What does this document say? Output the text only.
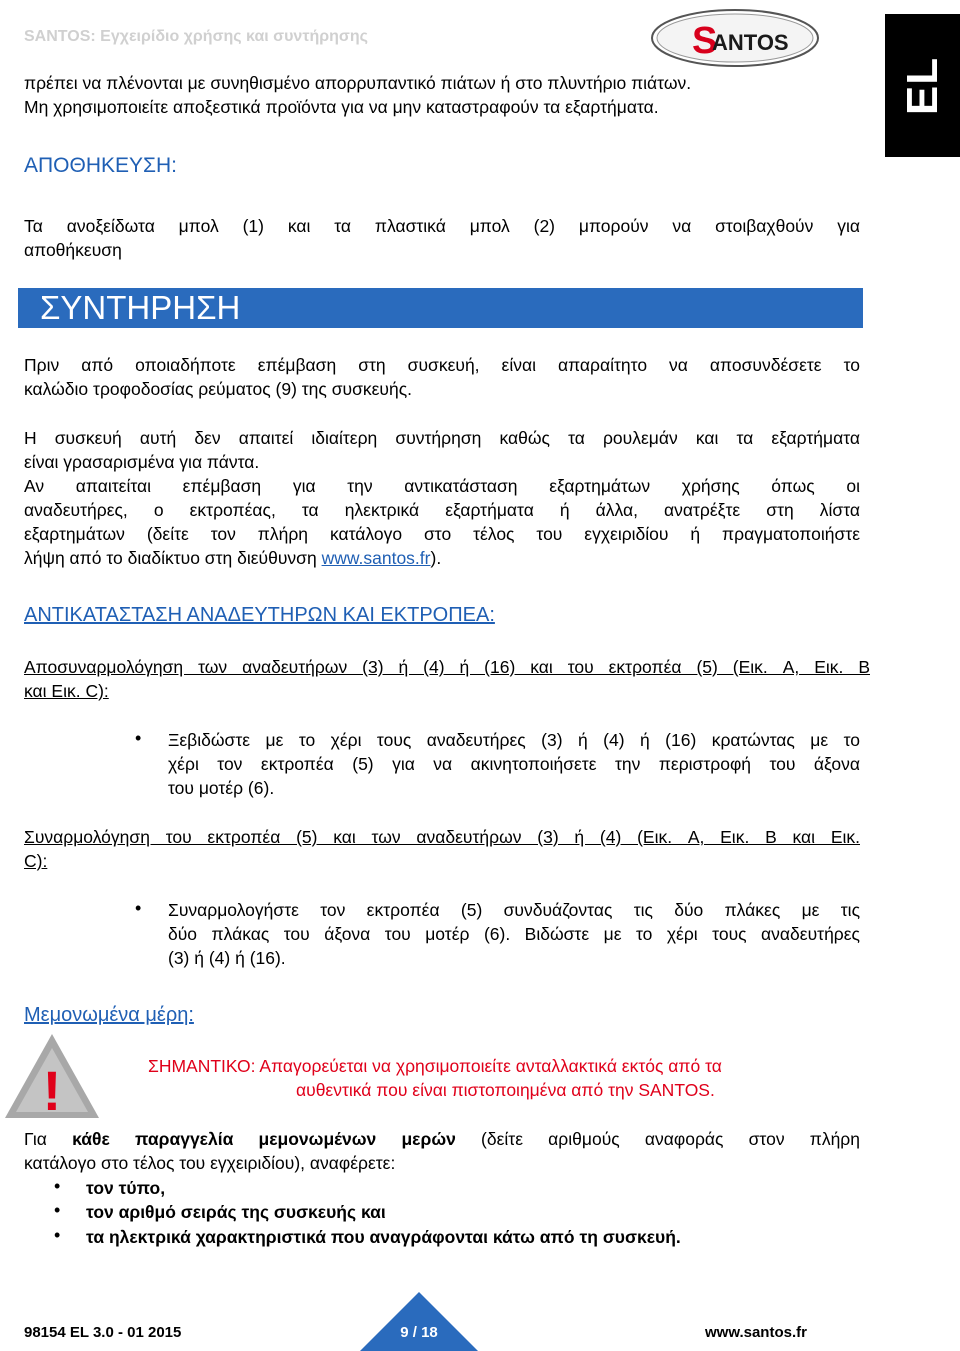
SANTOS: Εγχειρίδιο χρήσης και συντήρησης	S
ANTOS
EL
πρέπει να πλένονται με συνηθισμένο απορρυπαντικό πιάτων ή στο πλυντήριο πιάτων.
Μη χρησιμοποιείτε αποξεστικά προϊόντα για να μην καταστραφούν τα εξαρτήματα.
ΑΠΟΘΗΚΕΥΣΗ:
Τα ανοξείδωτα μπολ (1) και τα πλαστικά μπολ (2) μπορούν να στοιβαχθούν για
αποθήκευση
ΣΥΝΤΗΡΗΣΗ
Πριν από οποιαδήποτε επέμβαση στη συσκευή, είναι απαραίτητο να αποσυνδέσετε το
καλώδιο τροφοδοσίας ρεύματος (9) της συσκευής.
Η συσκευή αυτή δεν απαιτεί ιδιαίτερη συντήρηση καθώς τα ρουλεμάν και τα εξαρτήματα
είναι γρασαρισμένα για πάντα.
Αν απαιτείται επέμβαση για την αντικατάσταση εξαρτημάτων χρήσης όπως οι
αναδευτήρες, ο εκτροπέας, τα ηλεκτρικά εξαρτήματα ή άλλα, ανατρέξτε στη λίστα
εξαρτημάτων (δείτε τον πλήρη κατάλογο στο τέλος του εγχειριδίου ή πραγματοποιήστε
λήψη από το διαδίκτυο στη διεύθυνση www.santos.fr).
ΑΝΤΙΚΑΤΑΣΤΑΣΗ ΑΝΑΔΕΥΤΗΡΩΝ ΚΑΙ ΕΚΤΡΟΠΕΑ:
Αποσυναρμολόγηση των αναδευτήρων (3) ή (4) ή (16) και του εκτροπέα (5) (Εικ. A, Εικ. B
και Εικ. C):
• Ξεβιδώστε με το χέρι τους αναδευτήρες (3) ή (4) ή (16) κρατώντας με το
χέρι τον εκτροπέα (5) για να ακινητοποιήσετε την περιστροφή του άξονα
του μοτέρ (6).
Συναρμολόγηση του εκτροπέα (5) και των αναδευτήρων (3) ή (4) (Εικ. A, Εικ. B και Εικ.
C):
• Συναρμολογήστε τον εκτροπέα (5) συνδυάζοντας τις δύο πλάκες με τις
δύο πλάκας του άξονα του μοτέρ (6). Βιδώστε με το χέρι τους αναδευτήρες
(3) ή (4) ή (16).
Μεμονωμένα μέρη:
!	ΣΗΜΑΝΤΙΚΟ: Απαγορεύεται να χρησιμοποιείτε ανταλλακτικά εκτός από τα
αυθεντικά που είναι πιστοποιημένα από την SANTOS.
Για κάθε παραγγελία μεμονωμένων μερών (δείτε αριθμούς αναφοράς στον πλήρη
κατάλογο στο τέλος του εγχειριδίου), αναφέρετε:
• τον τύπο,
• τον αριθμό σειράς της συσκευής και
• τα ηλεκτρικά χαρακτηριστικά που αναγράφονται κάτω από τη συσκευή.
98154 EL 3.0 - 01 2015	9 / 18	www.santos.fr
